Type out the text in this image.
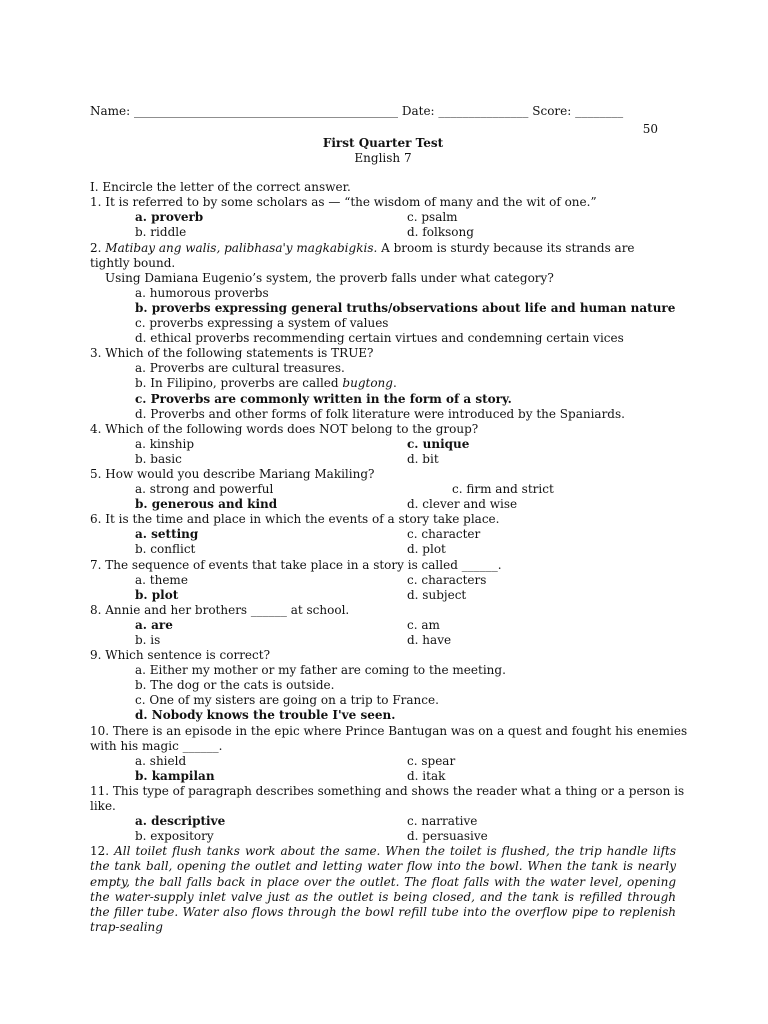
Name: ____________________________________________ Date: _______________ Score: ________
50
First Quarter Test
English 7
I. Encircle the letter of the correct answer.
1. It is referred to by some scholars as — “the wisdom of many and the wit of one.”
a. proverb	c. psalm
b. riddle	d. folksong
2. Matibay ang walis, palibhasa'y magkabigkis. A broom is sturdy because its strands are tightly bound.
Using Damiana Eugenio’s system, the proverb falls under what category?
a. humorous proverbs
b. proverbs expressing general truths/observations about life and human nature
c. proverbs expressing a system of values
d. ethical proverbs recommending certain virtues and condemning certain vices
3. Which of the following statements is TRUE?
a. Proverbs are cultural treasures.
b. In Filipino, proverbs are called bugtong.
c. Proverbs are commonly written in the form of a story.
d. Proverbs and other forms of folk literature were introduced by the Spaniards.
4. Which of the following words does NOT belong to the group?
a. kinship	c. unique
b. basic	d. bit
5. How would you describe Mariang Makiling?
a. strong and powerful	c. firm and strict
b. generous and kind	d. clever and wise
6. It is the time and place in which the events of a story take place.
a. setting	c. character
b. conflict	d. plot
7. The sequence of events that take place in a story is called ______.
a. theme	c. characters
b. plot	d. subject
8. Annie and her brothers ______ at school.
a. are	c. am
b. is	d. have
9. Which sentence is correct?
a. Either my mother or my father are coming to the meeting.
b. The dog or the cats is outside.
c. One of my sisters are going on a trip to France.
d. Nobody knows the trouble I've seen.
10. There is an episode in the epic where Prince Bantugan was on a quest and fought his enemies
with his magic ______.
a. shield	c. spear
b. kampilan	d. itak
11. This type of paragraph describes something and shows the reader what a thing or a person is
like.
a. descriptive	c. narrative
b. expository	d. persuasive
12. All toilet flush tanks work about the same. When the toilet is flushed, the trip handle lifts the tank ball, opening the outlet and letting water flow into the bowl. When the tank is nearly empty, the ball falls back in place over the outlet. The float falls with the water level, opening the water-supply inlet valve just as the outlet is being closed, and the tank is refilled through the filler tube. Water also flows through the bowl refill tube into the overflow pipe to replenish trap-sealing
